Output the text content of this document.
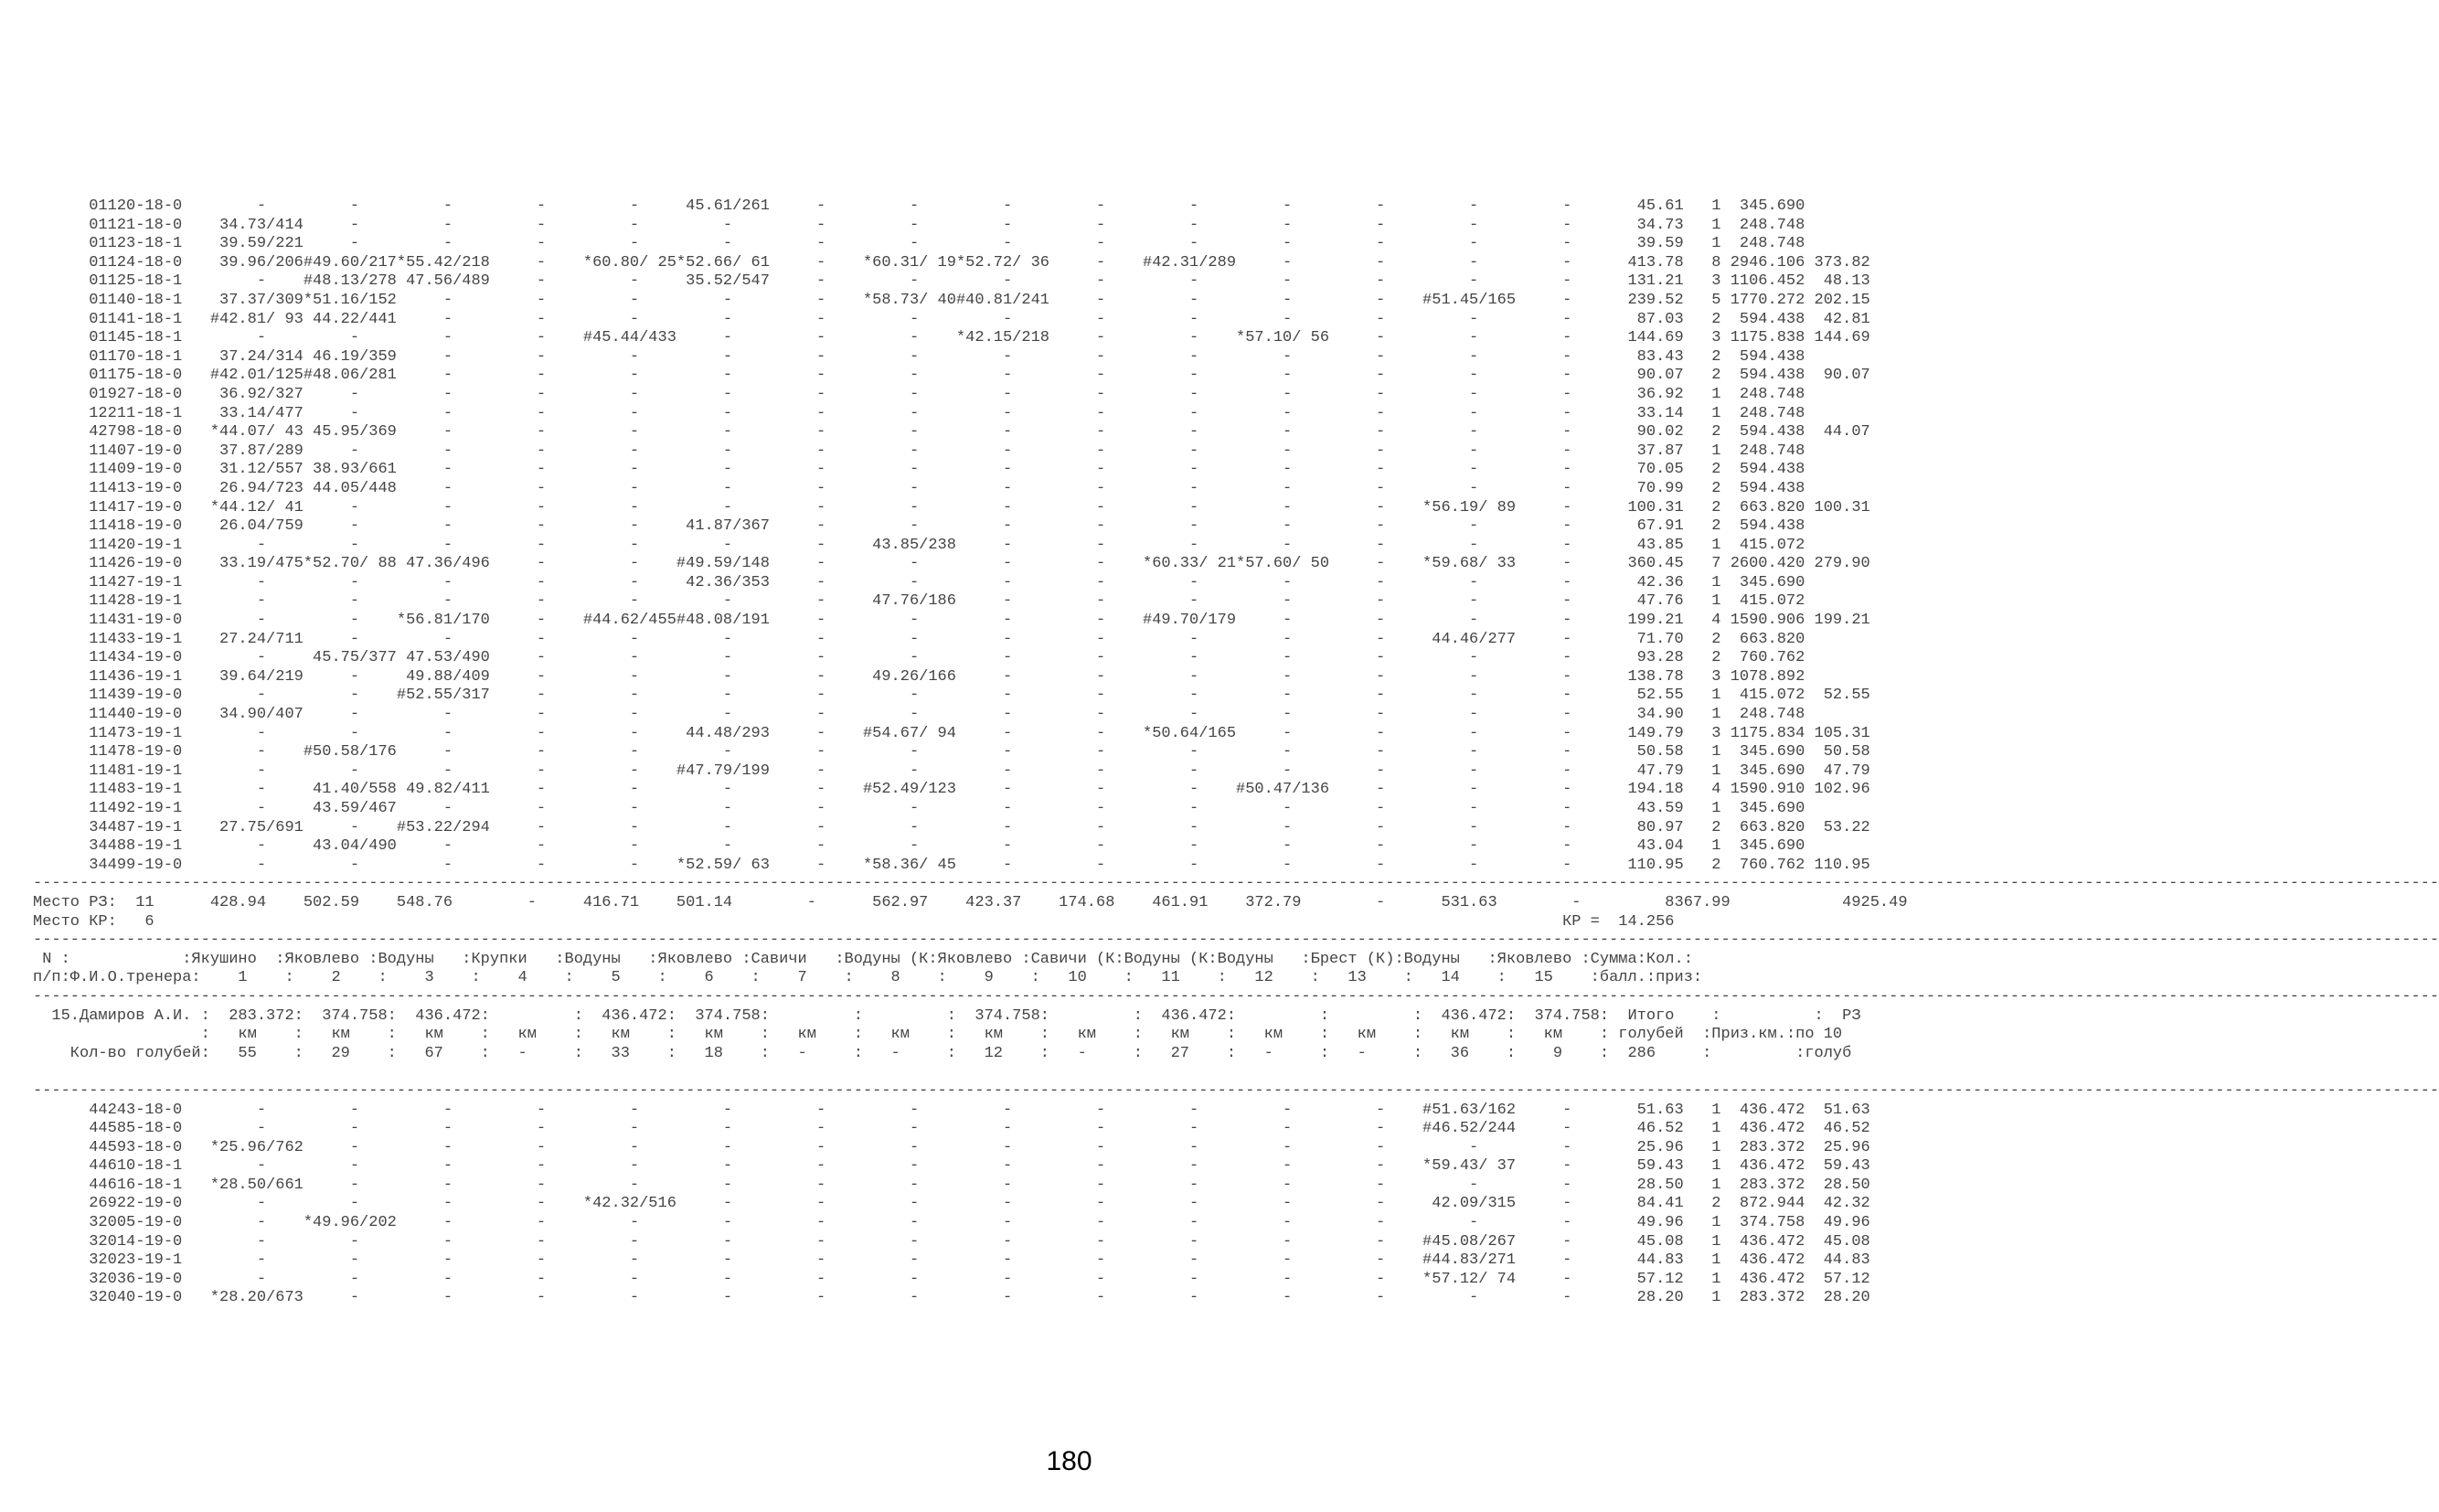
01120-18-0        -         -         -         -         -     45.61/261     -         -         -         -         -         -         -         -         -       45.61   1  345.690
01121-18-0    34.73/414     -         -         -         -         -         -         -         -         -         -         -         -         -         -       34.73   1  248.748
01123-18-1    39.59/221     -         -         -         -         -         -         -         -         -         -         -         -         -         -       39.59   1  248.748
01124-18-0    39.96/206#49.60/217*55.42/218     -    *60.80/ 25*52.66/ 61     -    *60.31/ 19*52.72/ 36     -    #42.31/289     -         -         -         -      413.78   8 2946.106 373.82
01125-18-1        -    #48.13/278 47.56/489     -         -     35.52/547     -         -         -         -         -         -         -         -         -      131.21   3 1106.452  48.13
01140-18-1    37.37/309*51.16/152     -         -         -         -         -    *58.73/ 40#40.81/241     -         -         -         -    #51.45/165     -      239.52   5 1770.272 202.15
01141-18-1   #42.81/ 93 44.22/441     -         -         -         -         -         -         -         -         -         -         -         -         -       87.03   2  594.438  42.81
01145-18-1        -         -         -         -    #45.44/433     -         -         -    *42.15/218     -         -    *57.10/ 56     -         -         -      144.69   3 1175.838 144.69
01170-18-1    37.24/314 46.19/359     -         -         -         -         -         -         -         -         -         -         -         -         -       83.43   2  594.438
01175-18-0   #42.01/125#48.06/281     -         -         -         -         -         -         -         -         -         -         -         -         -       90.07   2  594.438  90.07
01927-18-0    36.92/327     -         -         -         -         -         -         -         -         -         -         -         -         -         -       36.92   1  248.748
12211-18-1    33.14/477     -         -         -         -         -         -         -         -         -         -         -         -         -         -       33.14   1  248.748
42798-18-0   *44.07/ 43 45.95/369     -         -         -         -         -         -         -         -         -         -         -         -         -       90.02   2  594.438  44.07
11407-19-0    37.87/289     -         -         -         -         -         -         -         -         -         -         -         -         -         -       37.87   1  248.748
11409-19-0    31.12/557 38.93/661     -         -         -         -         -         -         -         -         -         -         -         -         -       70.05   2  594.438
11413-19-0    26.94/723 44.05/448     -         -         -         -         -         -         -         -         -         -         -         -         -       70.99   2  594.438
11417-19-0   *44.12/ 41     -         -         -         -         -         -         -         -         -         -         -         -    *56.19/ 89     -      100.31   2  663.820 100.31
11418-19-0    26.04/759     -         -         -         -     41.87/367     -         -         -         -         -         -         -         -         -       67.91   2  594.438
11420-19-1        -         -         -         -         -         -         -     43.85/238     -         -         -         -         -         -         -       43.85   1  415.072
11426-19-0    33.19/475*52.70/ 88 47.36/496     -         -    #49.59/148     -         -         -         -    *60.33/ 21*57.60/ 50     -    *59.68/ 33     -      360.45   7 2600.420 279.90
11427-19-1        -         -         -         -         -     42.36/353     -         -         -         -         -         -         -         -         -       42.36   1  345.690
11428-19-1        -         -         -         -         -         -         -     47.76/186     -         -         -         -         -         -         -       47.76   1  415.072
11431-19-0        -         -    *56.81/170     -    #44.62/455#48.08/191     -         -         -         -    #49.70/179     -         -         -         -      199.21   4 1590.906 199.21
11433-19-1    27.24/711     -         -         -         -         -         -         -         -         -         -         -         -     44.46/277     -       71.70   2  663.820
11434-19-0        -     45.75/377 47.53/490     -         -         -         -         -         -         -         -         -         -         -         -       93.28   2  760.762
11436-19-1    39.64/219     -     49.88/409     -         -         -         -     49.26/166     -         -         -         -         -         -         -      138.78   3 1078.892
11439-19-0        -         -    #52.55/317     -         -         -         -         -         -         -         -         -         -         -         -       52.55   1  415.072  52.55
11440-19-0    34.90/407     -         -         -         -         -         -         -         -         -         -         -         -         -         -       34.90   1  248.748
11473-19-1        -         -         -         -         -     44.48/293     -    #54.67/ 94     -         -    *50.64/165     -         -         -         -      149.79   3 1175.834 105.31
11478-19-0        -    #50.58/176     -         -         -         -         -         -         -         -         -         -         -         -         -       50.58   1  345.690  50.58
11481-19-1        -         -         -         -         -    #47.79/199     -         -         -         -         -         -         -         -         -       47.79   1  345.690  47.79
11483-19-1        -     41.40/558 49.82/411     -         -         -         -    #52.49/123     -         -         -    #50.47/136     -         -         -      194.18   4 1590.910 102.96
11492-19-1        -     43.59/467     -         -         -         -         -         -         -         -         -         -         -         -         -       43.59   1  345.690
34487-19-1    27.75/691     -    #53.22/294     -         -         -         -         -         -         -         -         -         -         -         -       80.97   2  663.820  53.22
34488-19-1        -     43.04/490     -         -         -         -         -         -         -         -         -         -         -         -         -       43.04   1  345.690
34499-19-0        -         -         -         -         -    *52.59/ 63     -    *58.36/ 45     -         -         -         -         -         -         -      110.95   2  760.762 110.95
------------------------------------------------------------------------------------------------------------------------------------------------------------------------------------------------------------------------------------------------------------------
Место РЗ:  11      428.94    502.59    548.76        -     416.71    501.14        -      562.97    423.37    174.68    461.91    372.79        -      531.63        -         8367.99            4925.49
Место КР:   6                                                                                                                                                       КР =  14.256
------------------------------------------------------------------------------------------------------------------------------------------------------------------------------------------------------------------------------------------------------------------
N :            :Якушино  :Яковлево :Водуны   :Крупки   :Водуны   :Яковлево :Савичи   :Водуны (К:Яковлево :Савичи (К:Водуны (К:Водуны   :Брест (К):Водуны   :Яковлево :Сумма:Кол.:
п/п:Ф.И.О.тренера:    1    :    2    :    3    :    4    :    5    :    6    :    7    :    8    :    9    :   10    :   11    :   12    :   13    :   14    :   15    :балл.:приз:
------------------------------------------------------------------------------------------------------------------------------------------------------------------------------------------------------------------------------------------------------------------
15.Дамиров А.И. :  283.372:  374.758:  436.472:         :  436.472:  374.758:         :         :  374.758:         :  436.472:         :         :  436.472:  374.758:  Итого    :          :  РЗ
:   км    :   км    :   км    :   км    :   км    :   км    :   км    :   км    :   км    :   км    :   км    :   км    :   км    :   км    :   км    : голубей  :Приз.км.:по 10
Кол-во голубей:   55    :   29    :   67    :   -     :   33    :   18    :   -     :   -     :   12    :   -     :   27    :   -     :   -     :   36    :    9    :  286     :         :голуб
------------------------------------------------------------------------------------------------------------------------------------------------------------------------------------------------------------------------------------------------------------------
44243-18-0        -         -         -         -         -         -         -         -         -         -         -         -         -    #51.63/162     -       51.63   1  436.472  51.63
44585-18-0        -         -         -         -         -         -         -         -         -         -         -         -         -    #46.52/244     -       46.52   1  436.472  46.52
44593-18-0   *25.96/762     -         -         -         -         -         -         -         -         -         -         -         -         -         -       25.96   1  283.372  25.96
44610-18-1        -         -         -         -         -         -         -         -         -         -         -         -         -    *59.43/ 37     -       59.43   1  436.472  59.43
44616-18-1   *28.50/661     -         -         -         -         -         -         -         -         -         -         -         -         -         -       28.50   1  283.372  28.50
26922-19-0        -         -         -         -    *42.32/516     -         -         -         -         -         -         -         -     42.09/315     -       84.41   2  872.944  42.32
32005-19-0        -    *49.96/202     -         -         -         -         -         -         -         -         -         -         -         -         -       49.96   1  374.758  49.96
32014-19-0        -         -         -         -         -         -         -         -         -         -         -         -         -    #45.08/267     -       45.08   1  436.472  45.08
32023-19-1        -         -         -         -         -         -         -         -         -         -         -         -         -    #44.83/271     -       44.83   1  436.472  44.83
32036-19-0        -         -         -         -         -         -         -         -         -         -         -         -         -    *57.12/ 74     -       57.12   1  436.472  57.12
32040-19-0   *28.20/673     -         -         -         -         -         -         -         -         -         -         -         -         -         -       28.20   1  283.372  28.20
180
